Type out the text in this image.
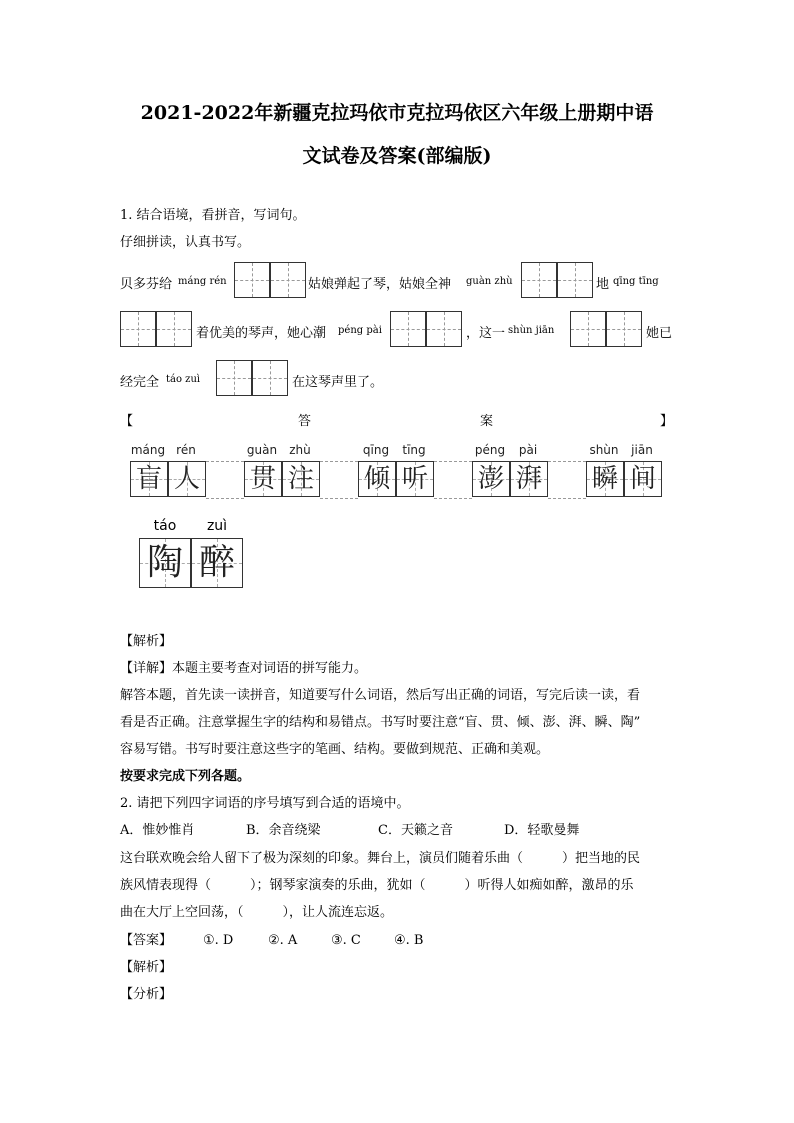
2021-2022年新疆克拉玛依市克拉玛依区六年级上册期中语
文试卷及答案(部编版)
1. 结合语境，看拼音，写词句。
仔细拼读，认真书写。
贝多芬给 máng rén	姑娘弹起了琴，姑娘全神 guàn zhù	地 qīng tīng
着优美的琴声，她心潮 péng pài	，这一 shùn jiān	她已
经完全 táo zuì	在这琴声里了。
【	答	案	】
máng rén	guàn	zhù	qīng	tīng	péng	pài	shùn	jiān
盲 人 贯 注 倾 听 澎 湃 瞬 间
táo	zuì
陶 醉
【解析】
【详解】本题主要考查对词语的拼写能力。
解答本题，首先读一读拼音，知道要写什么词语，然后写出正确的词语，写完后读一读，看
看是否正确。注意掌握生字的结构和易错点。书写时要注意“盲、贯、倾、澎、湃、瞬、陶”
容易写错。书写时要注意这些字的笔画、结构。要做到规范、正确和美观。
按要求完成下列各题。
2. 请把下列四字词语的序号填写到合适的语境中。
A．惟妙惟肖	B．余音绕梁	C．天籁之音	D．轻歌曼舞
这台联欢晚会给人留下了极为深刻的印象。舞台上，演员们随着乐曲（　　　）把当地的民
族风情表现得（　　　）；钢琴家演奏的乐曲，犹如（　　　）听得人如痴如醉，激昂的乐
曲在大厅上空回荡，（　　　），让人流连忘返。
【答案】 ①. D	②. A	③. C	④. B
【解析】
【分析】
